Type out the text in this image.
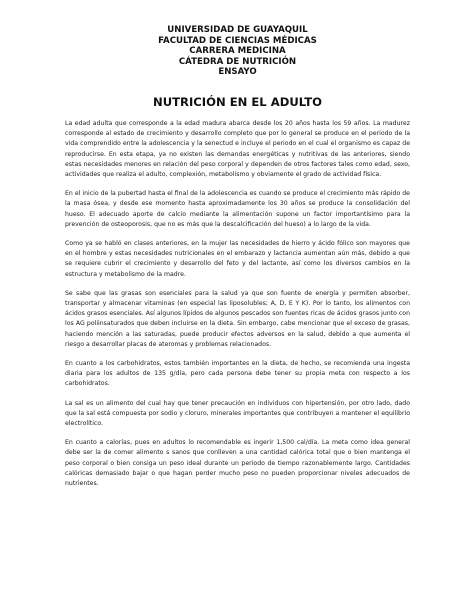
UNIVERSIDAD DE GUAYAQUIL
FACULTAD DE CIENCIAS MÉDICAS
CARRERA MEDICINA
CÁTEDRA DE NUTRICIÓN
ENSAYO
NUTRICIÓN EN EL ADULTO

La edad adulta que corresponde a la edad madura abarca desde los 20 años hasta los 59 años. La madurez corresponde al estado de crecimiento y desarrollo completo que por lo general se produce en el periodo de la vida comprendido entre la adolescencia y la senectud e incluye el periodo en el cual el organismo es capaz de reproducirse. En esta etapa, ya no existen las demandas energéticas y nutritivas de las anteriores, siendo estas necesidades menores en relación del peso corporal y dependen de otros factores tales como edad, sexo, actividades que realiza el adulto, complexión, metabolismo y obviamente el grado de actividad física.

En el inicio de la pubertad hasta el final de la adolescencia es cuando se produce el crecimiento más rápido de la masa ósea, y desde ese momento hasta aproximadamente los 30 años se produce la consolidación del hueso. El adecuado aporte de calcio mediante la alimentación supone un factor importantísimo para la prevención de osteoporosis, que no es más que la descalcificación del hueso) a lo largo de la vida.

Como ya se habló en clases anteriores, en la mujer las necesidades de hierro y ácido fólico son mayores que en el hombre y estas necesidades nutricionales en el embarazo y lactancia aumentan aún más, debido a que se requiere cubrir el crecimiento y desarrollo del feto y del lactante, así como los diversos cambios en la estructura y metabolismo de la madre.

Se sabe que las grasas son esenciales para la salud ya que son fuente de energía y permiten absorber, transportar y almacenar vitaminas (en especial las liposolubles; A, D, E Y K). Por lo tanto, los alimentos con ácidos grasos esenciales. Así algunos lípidos de algunos pescados son fuentes ricas de ácidos grasos junto con los AG poliinsaturados que deben incluirse en la dieta. Sin embargo, cabe mencionar que el exceso de grasas, haciendo mención a las saturadas, puede producir efectos adversos en la salud, debido a que aumenta el riesgo a desarrollar placas de ateromas y problemas relacionados.

En cuanto a los carbohidratos, estos también importantes en la dieta, de hecho, se recomienda una ingesta diaria para los adultos de 135 g/día, pero cada persona debe tener su propia meta con respecto a los carbohidratos.

La sal es un alimento del cual hay que tener precaución en individuos con hipertensión, por otro lado, dado que la sal está compuesta por sodio y cloruro, minerales importantes que contribuyen a mantener el equilibrio electrolítico.

En cuanto a calorías, pues en adultos lo recomendable es ingerir 1,500 cal/día. La meta como idea general debe ser la de comer alimento s sanos que conlleven a una cantidad calórica total que o bien mantenga el peso corporal o bien consiga un peso ideal durante un periodo de tiempo razonablemente largo. Cantidades calóricas demasiado bajar o que hagan perder mucho peso no pueden proporcionar niveles adecuados de nutrientes.
